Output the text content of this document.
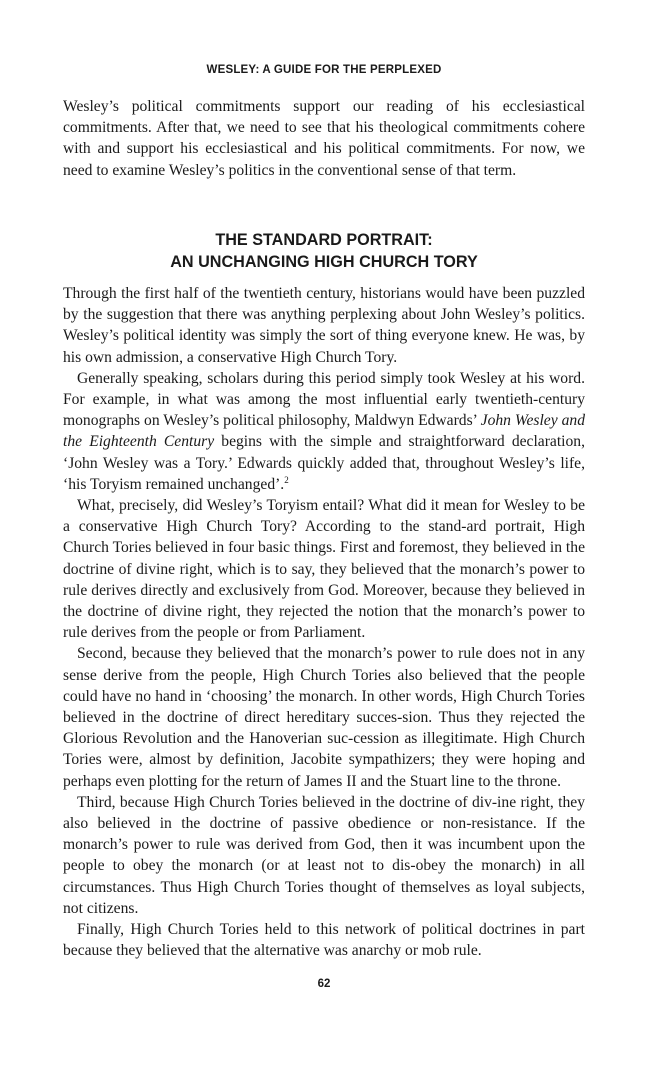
WESLEY: A GUIDE FOR THE PERPLEXED

Wesley’s political commitments support our reading of his ecclesiastical commitments. After that, we need to see that his theological commitments cohere with and support his ecclesiastical and his political commitments. For now, we need to examine Wesley’s politics in the conventional sense of that term.

THE STANDARD PORTRAIT:
AN UNCHANGING HIGH CHURCH TORY

Through the first half of the twentieth century, historians would have been puzzled by the suggestion that there was anything perplexing about John Wesley’s politics. Wesley’s political identity was simply the sort of thing everyone knew. He was, by his own admission, a conservative High Church Tory.

Generally speaking, scholars during this period simply took Wesley at his word. For example, in what was among the most influential early twentieth-century monographs on Wesley’s political philosophy, Maldwyn Edwards’ John Wesley and the Eighteenth Century begins with the simple and straightforward declaration, ‘John Wesley was a Tory.’ Edwards quickly added that, throughout Wesley’s life, ‘his Toryism remained unchanged’.$^2$

What, precisely, did Wesley’s Toryism entail? What did it mean for Wesley to be a conservative High Church Tory? According to the stand-ard portrait, High Church Tories believed in four basic things. First and foremost, they believed in the doctrine of divine right, which is to say, they believed that the monarch’s power to rule derives directly and exclusively from God. Moreover, because they believed in the doctrine of divine right, they rejected the notion that the monarch’s power to rule derives from the people or from Parliament.

Second, because they believed that the monarch’s power to rule does not in any sense derive from the people, High Church Tories also believed that the people could have no hand in ‘choosing’ the monarch. In other words, High Church Tories believed in the doctrine of direct hereditary succes-sion. Thus they rejected the Glorious Revolution and the Hanoverian suc-cession as illegitimate. High Church Tories were, almost by definition, Jacobite sympathizers; they were hoping and perhaps even plotting for the return of James II and the Stuart line to the throne.

Third, because High Church Tories believed in the doctrine of div-ine right, they also believed in the doctrine of passive obedience or non-resistance. If the monarch’s power to rule was derived from God, then it was incumbent upon the people to obey the monarch (or at least not to dis-obey the monarch) in all circumstances. Thus High Church Tories thought of themselves as loyal subjects, not citizens.

Finally, High Church Tories held to this network of political doctrines in part because they believed that the alternative was anarchy or mob rule.

62
